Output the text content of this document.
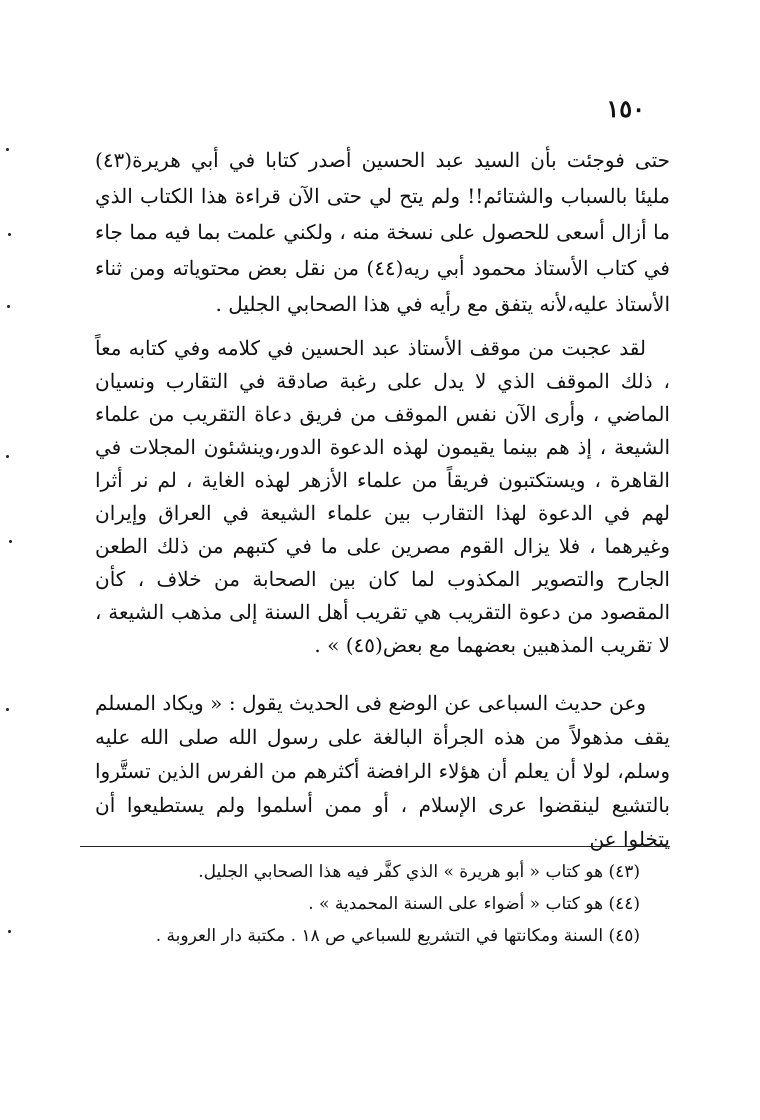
١٥٠

حتى فوجئت بأن السيد عبد الحسين أصدر كتابا في أبي هريرة(٤٣) مليئا بالسباب والشتائم!! ولم يتح لي حتى الآن قراءة هذا الكتاب الذي ما أزال أسعى للحصول على نسخة منه ، ولكني علمت بما فيه مما جاء في كتاب الأستاذ محمود أبي ريه(٤٤) من نقل بعض محتوياته ومن ثناء الأستاذ عليه،لأنه يتفق مع رأيه في هذا الصحابي الجليل .

لقد عجبت من موقف الأستاذ عبد الحسين في كلامه وفي كتابه معاً ، ذلك الموقف الذي لا يدل على رغبة صادقة في التقارب ونسيان الماضي ، وأرى الآن نفس الموقف من فريق دعاة التقريب من علماء الشيعة ، إذ هم بينما يقيمون لهذه الدعوة الدور،وينشئون المجلات في القاهرة ، ويستكتبون فريقاً من علماء الأزهر لهذه الغاية ، لم نر أثرا لهم في الدعوة لهذا التقارب بين علماء الشيعة في العراق وإيران وغيرهما ، فلا يزال القوم مصرين على ما في كتبهم من ذلك الطعن الجارح والتصوير المكذوب لما كان بين الصحابة من خلاف ، كأن المقصود من دعوة التقريب هي تقريب أهل السنة إلى مذهب الشيعة ، لا تقريب المذهبين بعضهما مع بعض(٤٥) » .

وعن حديث السباعى عن الوضع فى الحديث يقول : « ويكاد المسلم يقف مذهولاً من هذه الجرأة البالغة على رسول الله صلى الله عليه وسلم، لولا أن يعلم أن هؤلاء الرافضة أكثرهم من الفرس الذين تستَّروا بالتشيع لينقضوا عرى الإسلام ، أو ممن أسلموا ولم يستطيعوا أن يتخلوا عن

(٤٣) هو كتاب « أبو هريرة » الذي كفَّر فيه هذا الصحابي الجليل.
(٤٤) هو كتاب « أضواء على السنة المحمدية » .
(٤٥) السنة ومكانتها في التشريع للسباعي ص ١٨ . مكتبة دار العروبة .
